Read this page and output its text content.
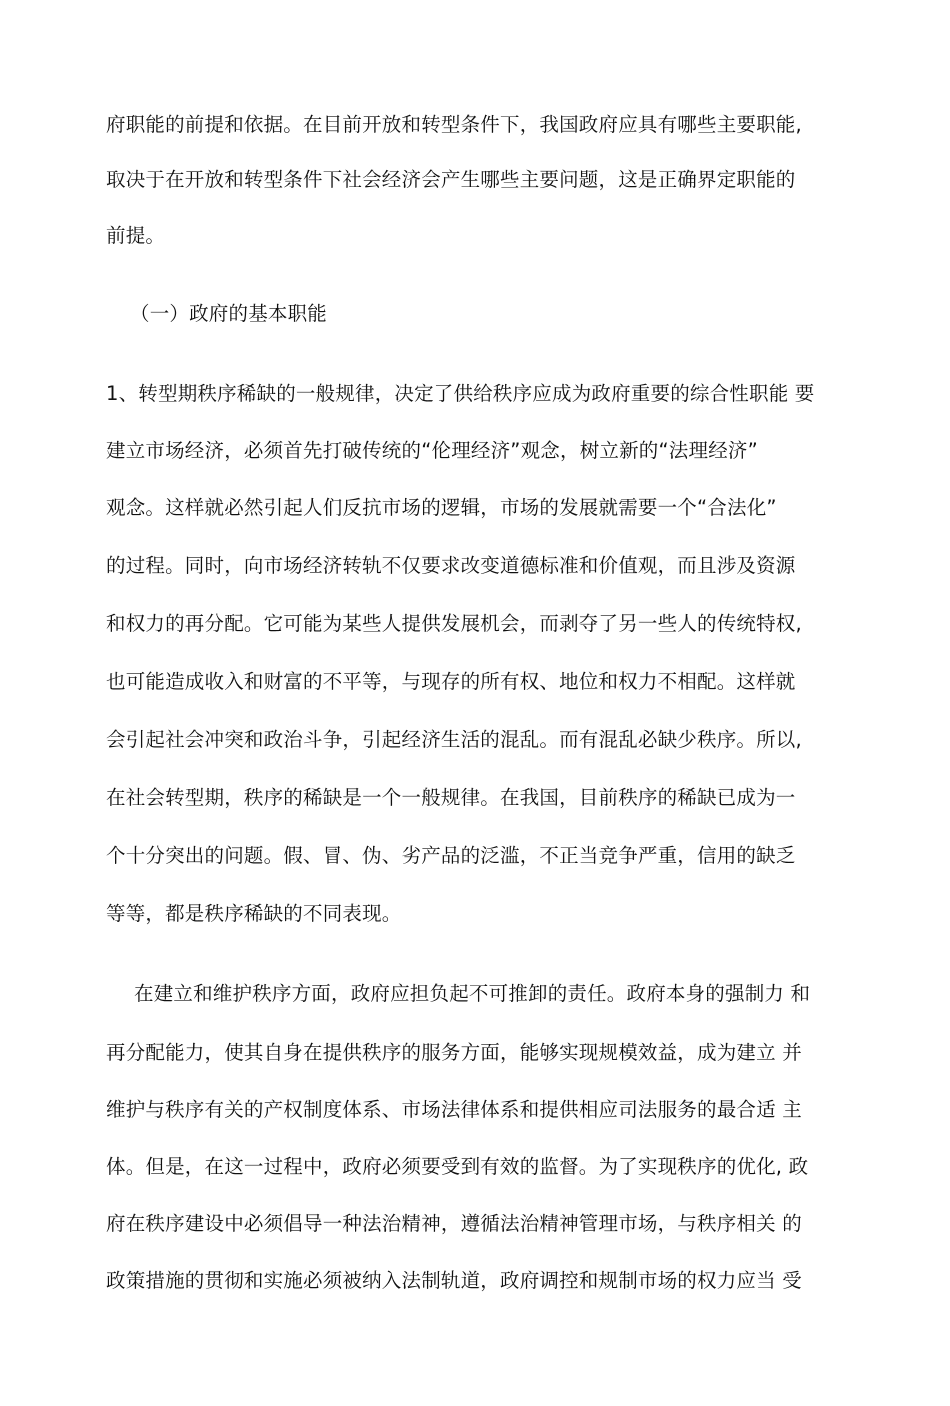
府职能的前提和依据。在目前开放和转型条件下，我国政府应具有哪些主要职能,
取决于在开放和转型条件下社会经济会产生哪些主要问题，这是正确界定职能的
前提。
（一）政府的基本职能
1、转型期秩序稀缺的一般规律，决定了供给秩序应成为政府重要的综合性职能 要
建立市场经济，必须首先打破传统的“伦理经济”观念，树立新的“法理经济”
观念。这样就必然引起人们反抗市场的逻辑，市场的发展就需要一个“合法化”
的过程。同时，向市场经济转轨不仅要求改变道德标准和价值观，而且涉及资源
和权力的再分配。它可能为某些人提供发展机会，而剥夺了另一些人的传统特权,
也可能造成收入和财富的不平等，与现存的所有权、地位和权力不相配。这样就
会引起社会冲突和政治斗争，引起经济生活的混乱。而有混乱必缺少秩序。所以,
在社会转型期，秩序的稀缺是一个一般规律。在我国，目前秩序的稀缺已成为一
个十分突出的问题。假、冒、伪、劣产品的泛滥，不正当竞争严重，信用的缺乏
等等，都是秩序稀缺的不同表现。
在建立和维护秩序方面，政府应担负起不可推卸的责任。政府本身的强制力 和
再分配能力，使其自身在提供秩序的服务方面，能够实现规模效益，成为建立 并
维护与秩序有关的产权制度体系、市场法律体系和提供相应司法服务的最合适 主
体。但是，在这一过程中，政府必须要受到有效的监督。为了实现秩序的优化, 政
府在秩序建设中必须倡导一种法治精神，遵循法治精神管理市场，与秩序相关 的
政策措施的贯彻和实施必须被纳入法制轨道，政府调控和规制市场的权力应当 受
